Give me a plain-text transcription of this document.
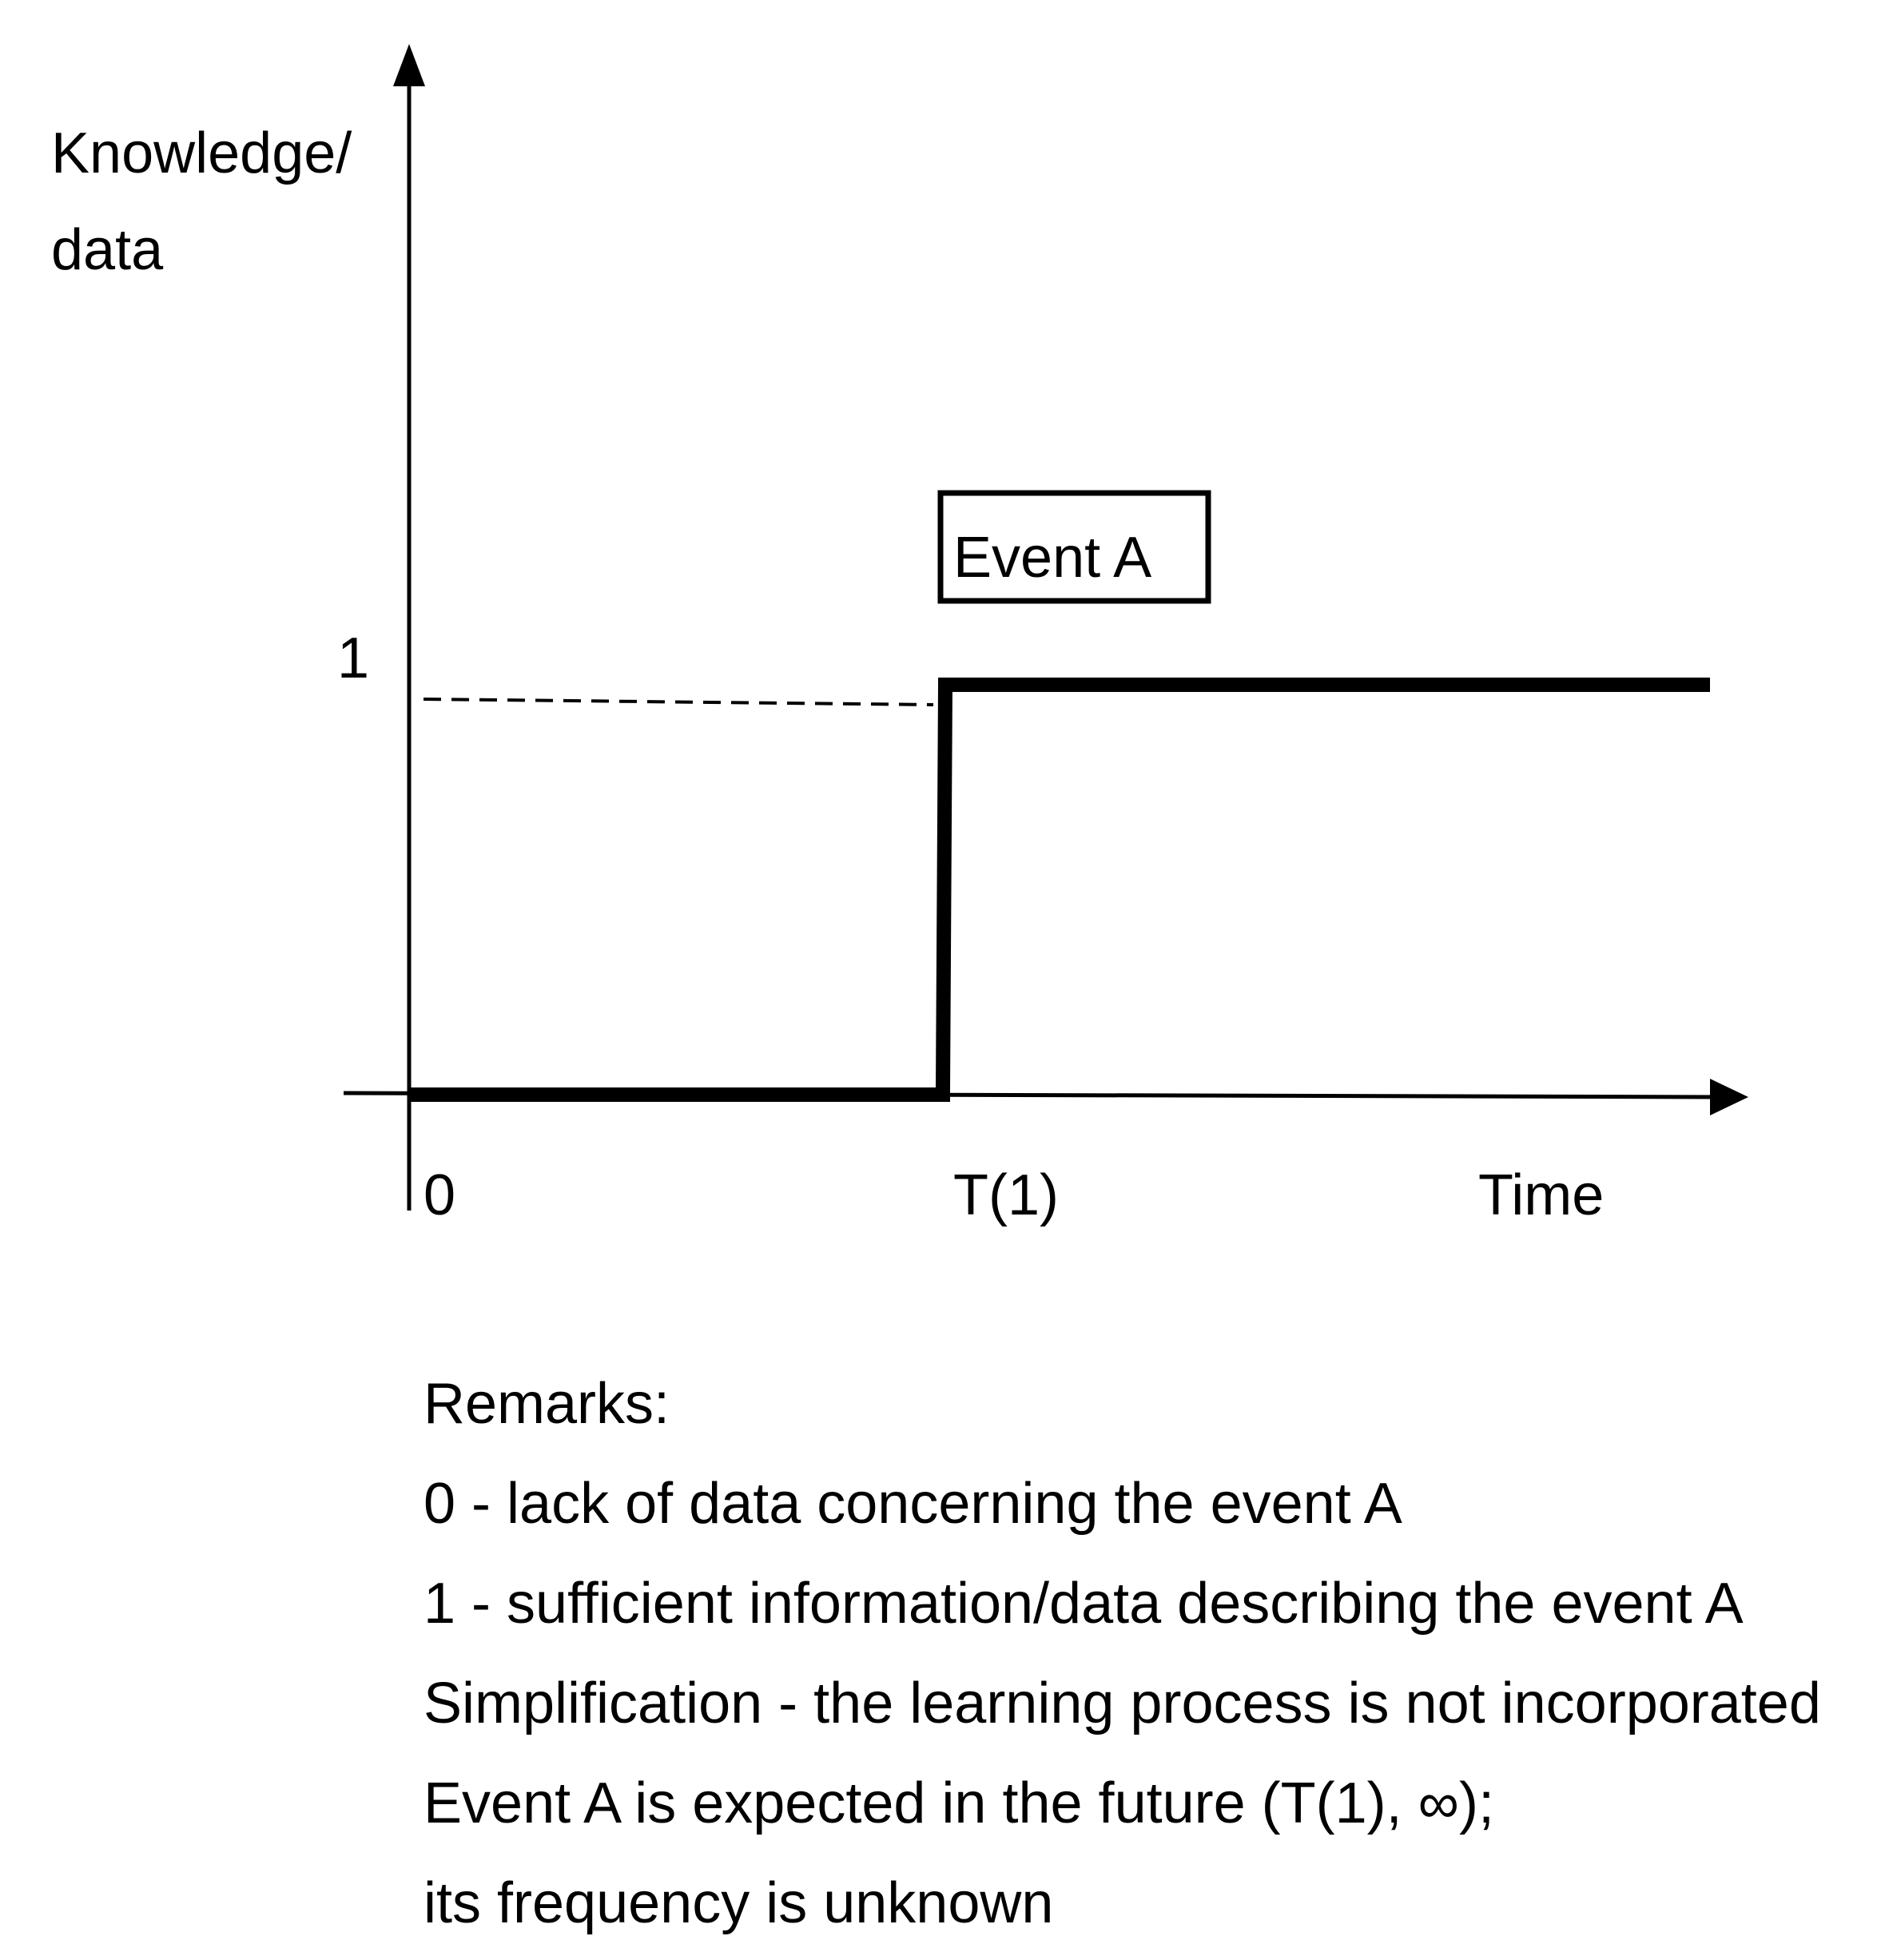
Event A
Knowledge/
data
1
0	T(1)	Time
Remarks:
0 - lack of data concerning the event A
1 - sufficient information/data describing the event A
Simplification - the learning process is not incorporated
Event A is expected in the future (T(1), ∞);
its frequency is unknown
